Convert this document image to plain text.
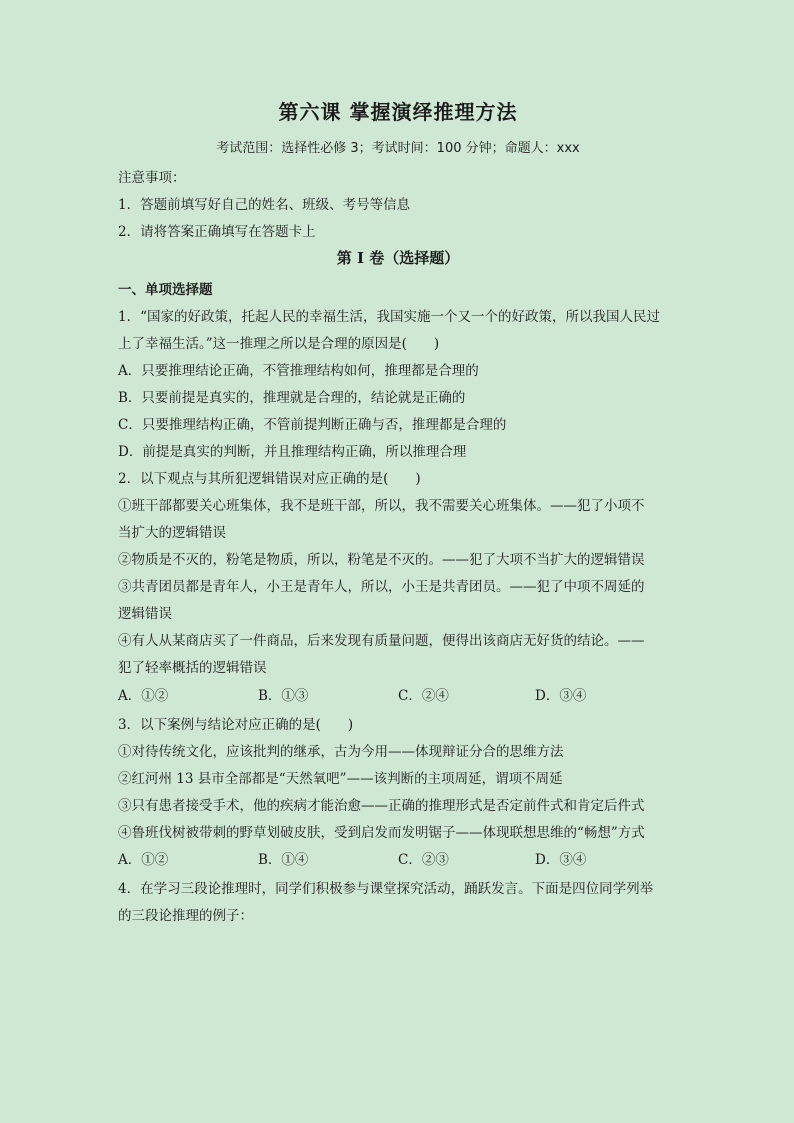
第六课 掌握演绎推理方法
考试范围：选择性必修 3；考试时间：100 分钟；命题人：xxx
注意事项：
1．答题前填写好自己的姓名、班级、考号等信息
2．请将答案正确填写在答题卡上
第 I 卷（选择题）
一、单项选择题
1．“国家的好政策，托起人民的幸福生活，我国实施一个又一个的好政策，所以我国人民过
上了幸福生活。”这一推理之所以是合理的原因是(　　)
A．只要推理结论正确，不管推理结构如何，推理都是合理的
B．只要前提是真实的，推理就是合理的，结论就是正确的
C．只要推理结构正确，不管前提判断正确与否，推理都是合理的
D．前提是真实的判断，并且推理结构正确，所以推理合理
2．以下观点与其所犯逻辑错误对应正确的是(　　)
①班干部都要关心班集体，我不是班干部，所以，我不需要关心班集体。——犯了小项不
当扩大的逻辑错误
②物质是不灭的，粉笔是物质，所以，粉笔是不灭的。——犯了大项不当扩大的逻辑错误
③共青团员都是青年人，小王是青年人，所以，小王是共青团员。——犯了中项不周延的
逻辑错误
④有人从某商店买了一件商品，后来发现有质量问题，便得出该商店无好货的结论。——
犯了轻率概括的逻辑错误
A．①②	B．①③	C．②④	D．③④
3．以下案例与结论对应正确的是(　　)
①对待传统文化，应该批判的继承，古为今用——体现辩证分合的思维方法
②红河州 13 县市全部都是“天然氧吧”——该判断的主项周延，谓项不周延
③只有患者接受手术，他的疾病才能治愈——正确的推理形式是否定前件式和肯定后件式
④鲁班伐树被带刺的野草划破皮肤，受到启发而发明锯子——体现联想思维的“畅想”方式
A．①②	B．①④	C．②③	D．③④
4．在学习三段论推理时，同学们积极参与课堂探究活动，踊跃发言。下面是四位同学列举
的三段论推理的例子：
